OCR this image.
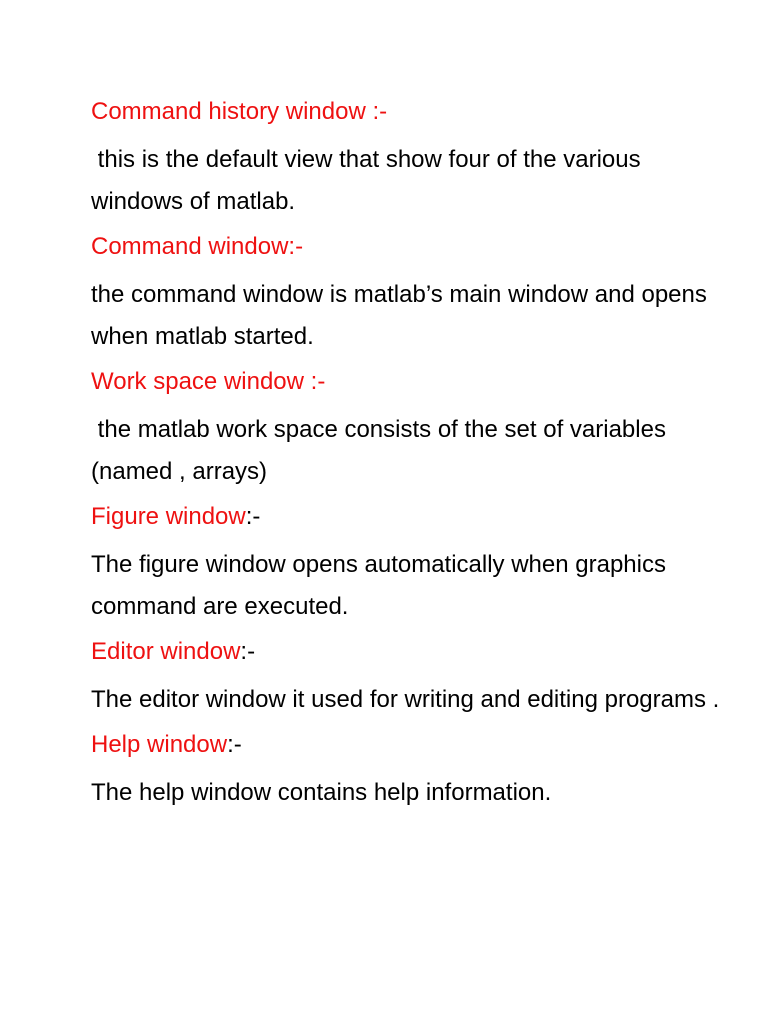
Command history window :-

this is the default view that show four of the various windows of matlab.

Command window:-

the command window is matlab’s main window and opens when matlab started.

Work space window :-

the matlab work space consists of the set of variables (named , arrays)

Figure window:-

The figure window opens automatically when graphics  command are executed.

Editor window:-

The editor window it used for writing and editing programs .

Help window:-

The help window contains help information.
